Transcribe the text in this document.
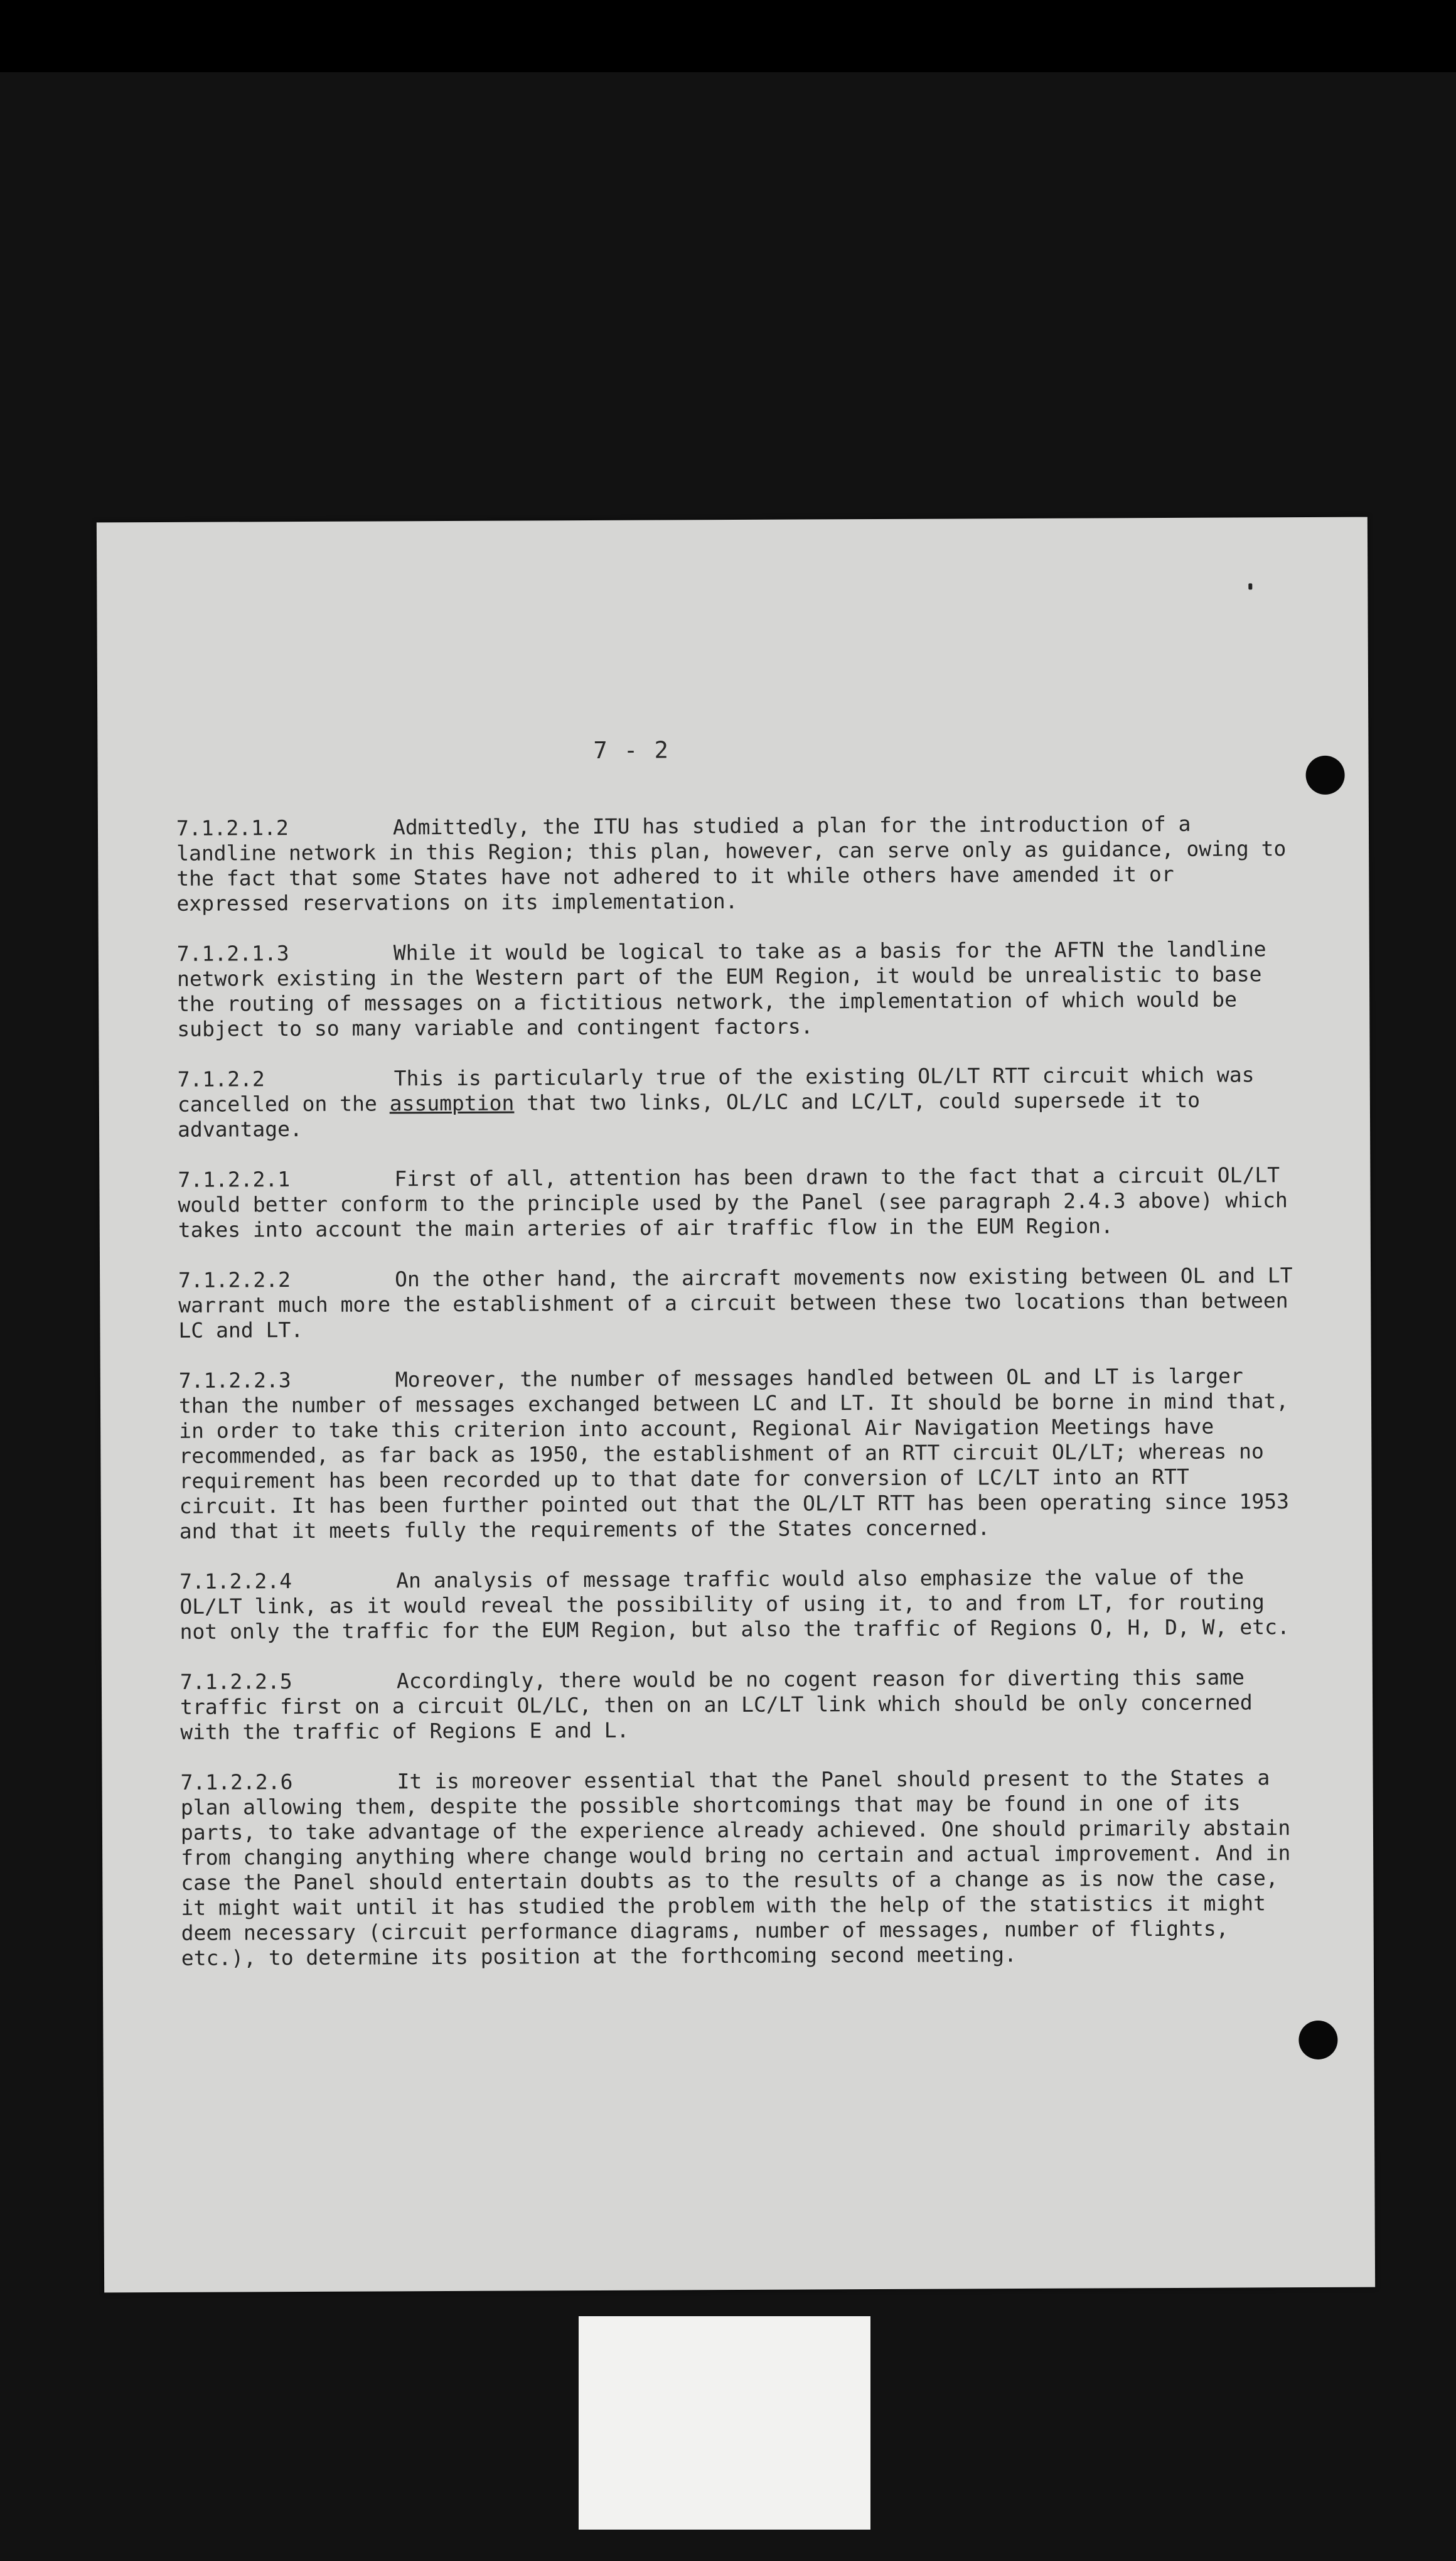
7 - 2

7.1.2.1.2	Admittedly, the ITU has studied a plan for the introduction of a landline network in this Region; this plan, however, can serve only as guidance, owing to the fact that some States have not adhered to it while others have amended it or expressed reservations on its implementation.

7.1.2.1.3	While it would be logical to take as a basis for the AFTN the landline network existing in the Western part of the EUM Region, it would be unrealistic to base the routing of messages on a fictitious network, the implementation of which would be subject to so many variable and contingent factors.

7.1.2.2	This is particularly true of the existing OL/LT RTT circuit which was cancelled on the assumption that two links, OL/LC and LC/LT, could supersede it to advantage.

7.1.2.2.1	First of all, attention has been drawn to the fact that a circuit OL/LT would better conform to the principle used by the Panel (see paragraph 2.4.3 above) which takes into account the main arteries of air traffic flow in the EUM Region.

7.1.2.2.2	On the other hand, the aircraft movements now existing between OL and LT warrant much more the establishment of a circuit between these two locations than between LC and LT.

7.1.2.2.3	Moreover, the number of messages handled between OL and LT is larger than the number of messages exchanged between LC and LT. It should be borne in mind that, in order to take this criterion into account, Regional Air Navigation Meetings have recommended, as far back as 1950, the establishment of an RTT circuit OL/LT; whereas no requirement has been recorded up to that date for conversion of LC/LT into an RTT circuit. It has been further pointed out that the OL/LT RTT has been operating since 1953 and that it meets fully the requirements of the States concerned.

7.1.2.2.4	An analysis of message traffic would also emphasize the value of the OL/LT link, as it would reveal the possibility of using it, to and from LT, for routing not only the traffic for the EUM Region, but also the traffic of Regions O, H, D, W, etc.

7.1.2.2.5	Accordingly, there would be no cogent reason for diverting this same traffic first on a circuit OL/LC, then on an LC/LT link which should be only concerned with the traffic of Regions E and L.

7.1.2.2.6	It is moreover essential that the Panel should present to the States a plan allowing them, despite the possible shortcomings that may be found in one of its parts, to take advantage of the experience already achieved. One should primarily abstain from changing anything where change would bring no certain and actual improvement. And in case the Panel should entertain doubts as to the results of a change as is now the case, it might wait until it has studied the problem with the help of the statistics it might deem necessary (circuit performance diagrams, number of messages, number of flights, etc.), to determine its position at the forthcoming second meeting.
